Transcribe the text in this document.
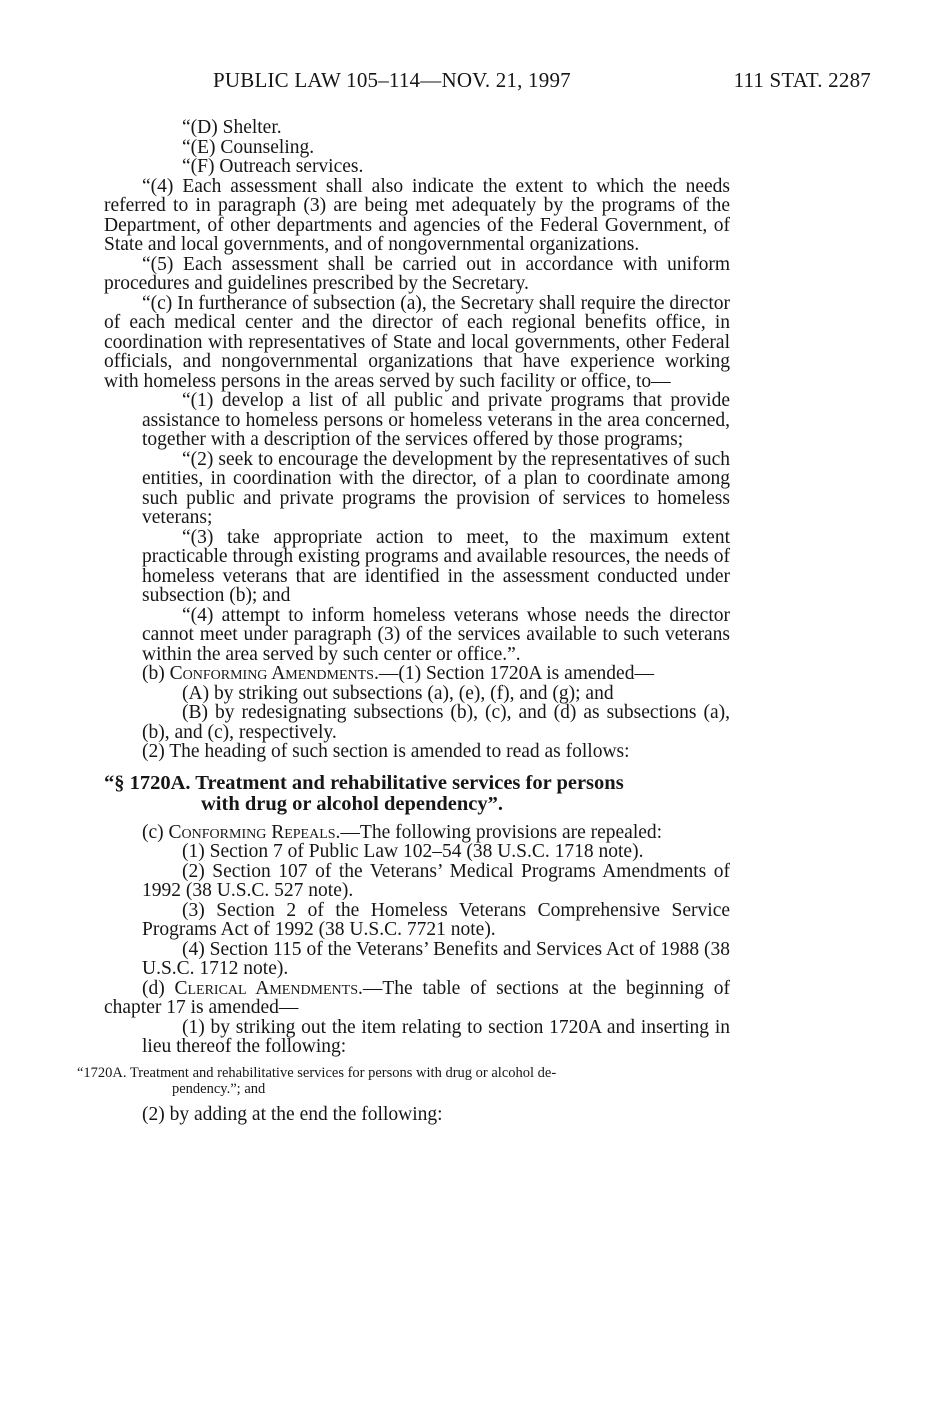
PUBLIC LAW 105–114—NOV. 21, 1997	111 STAT. 2287

“(D) Shelter.

“(E) Counseling.

“(F) Outreach services.

“(4) Each assessment shall also indicate the extent to which the needs referred to in paragraph (3) are being met adequately by the programs of the Department, of other departments and agencies of the Federal Government, of State and local governments, and of nongovernmental organizations.

“(5) Each assessment shall be carried out in accordance with uniform procedures and guidelines prescribed by the Secretary.

“(c) In furtherance of subsection (a), the Secretary shall require the director of each medical center and the director of each regional benefits office, in coordination with representatives of State and local governments, other Federal officials, and nongovernmental organizations that have experience working with homeless persons in the areas served by such facility or office, to—

“(1) develop a list of all public and private programs that provide assistance to homeless persons or homeless veterans in the area concerned, together with a description of the services offered by those programs;

“(2) seek to encourage the development by the representatives of such entities, in coordination with the director, of a plan to coordinate among such public and private programs the provision of services to homeless veterans;

“(3) take appropriate action to meet, to the maximum extent practicable through existing programs and available resources, the needs of homeless veterans that are identified in the assessment conducted under subsection (b); and

“(4) attempt to inform homeless veterans whose needs the director cannot meet under paragraph (3) of the services available to such veterans within the area served by such center or office.”.

(b) Conforming Amendments.—(1) Section 1720A is amended—

(A) by striking out subsections (a), (e), (f), and (g); and

(B) by redesignating subsections (b), (c), and (d) as subsections (a), (b), and (c), respectively.

(2) The heading of such section is amended to read as follows:

“§ 1720A. Treatment and rehabilitative services for persons
with drug or alcohol dependency”.

(c) Conforming Repeals.—The following provisions are repealed:

(1) Section 7 of Public Law 102–54 (38 U.S.C. 1718 note).

(2) Section 107 of the Veterans’ Medical Programs Amendments of 1992 (38 U.S.C. 527 note).

(3) Section 2 of the Homeless Veterans Comprehensive Service Programs Act of 1992 (38 U.S.C. 7721 note).

(4) Section 115 of the Veterans’ Benefits and Services Act of 1988 (38 U.S.C. 1712 note).

(d) Clerical Amendments.—The table of sections at the beginning of chapter 17 is amended—

(1) by striking out the item relating to section 1720A and inserting in lieu thereof the following:

“1720A. Treatment and rehabilitative services for persons with drug or alcohol de-
pendency.”; and

(2) by adding at the end the following:
